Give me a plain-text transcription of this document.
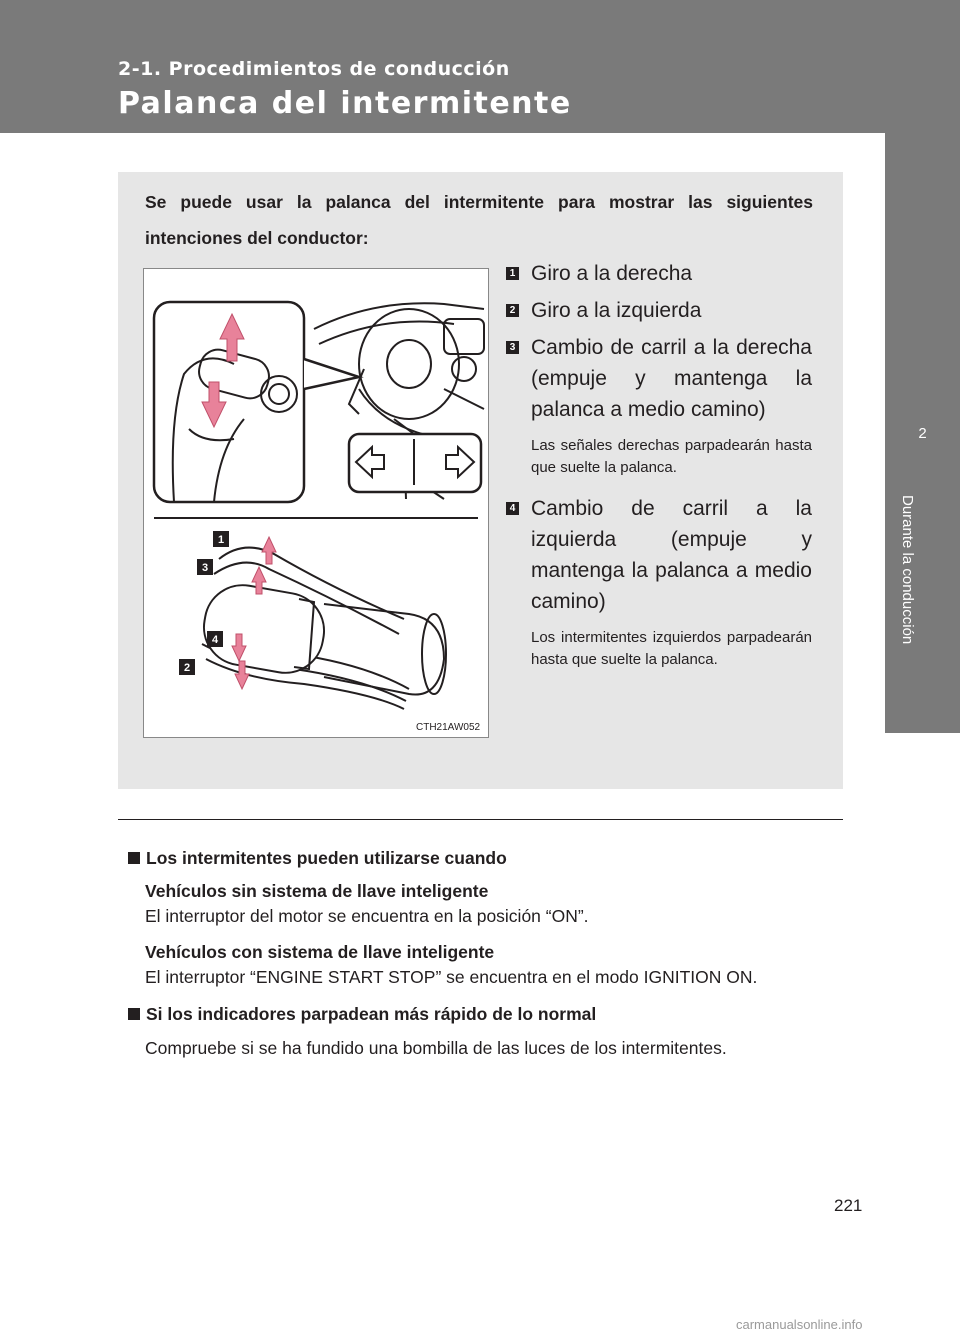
2-1. Procedimientos de conducción
Palanca del intermitente
2
Durante la conducción
Se puede usar la palanca del intermitente para mostrar las siguientes intenciones del conductor:
1
3
4
2
CTH21AW052
1 Giro a la derecha
2 Giro a la izquierda
3 Cambio de carril a la derecha (empuje y mantenga la palanca a medio camino)
Las señales derechas parpadearán hasta que suelte la palanca.
4 Cambio de carril a la izquierda (empuje y mantenga la palanca a medio camino)
Los intermitentes izquierdos parpadearán hasta que suelte la palanca.
Los intermitentes pueden utilizarse cuando
Vehículos sin sistema de llave inteligente
El interruptor del motor se encuentra en la posición “ON”.
Vehículos con sistema de llave inteligente
El interruptor “ENGINE START STOP” se encuentra en el modo IGNITION ON.
Si los indicadores parpadean más rápido de lo normal
Compruebe si se ha fundido una bombilla de las luces de los intermitentes.
221
carmanualsonline.info
